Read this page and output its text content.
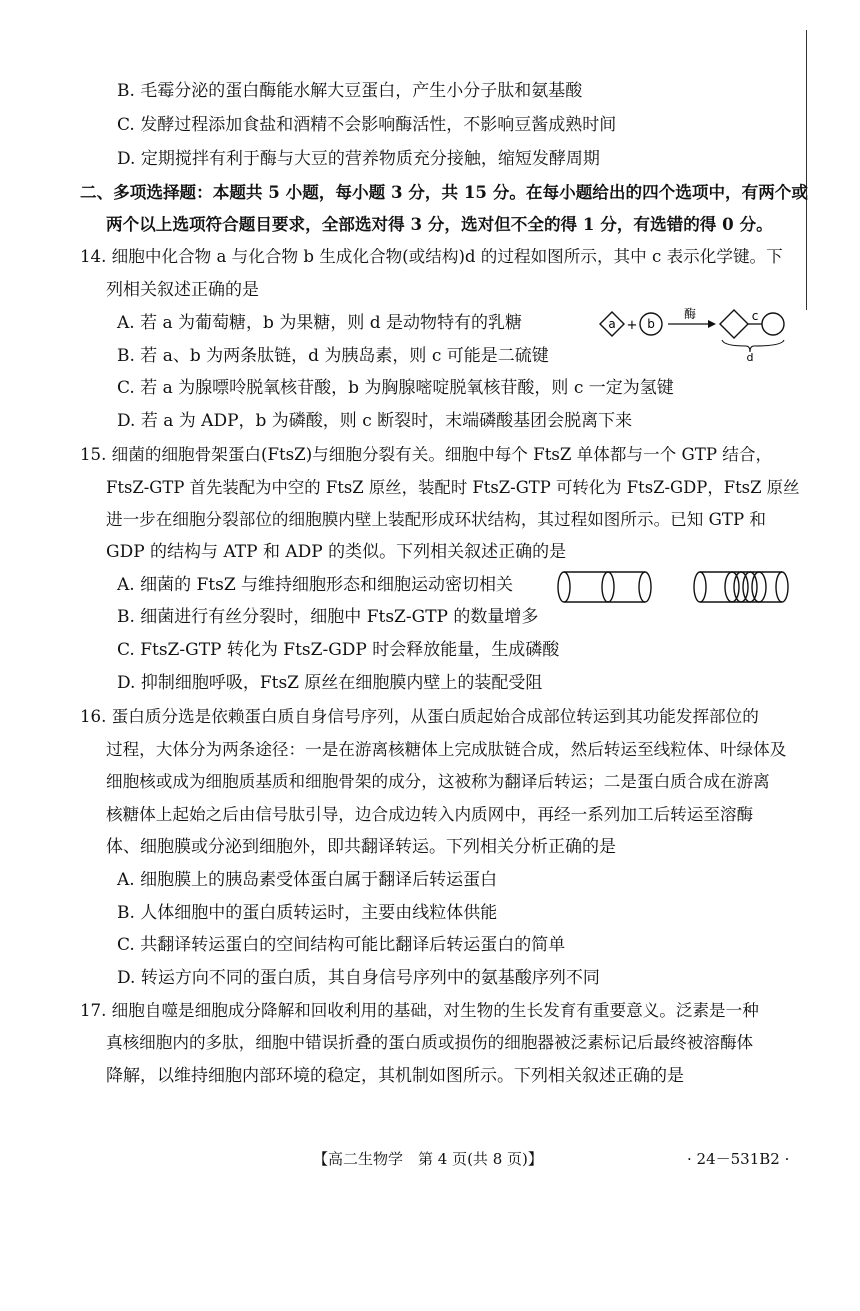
B. 毛霉分泌的蛋白酶能水解大豆蛋白，产生小分子肽和氨基酸
C. 发酵过程添加食盐和酒精不会影响酶活性，不影响豆酱成熟时间
D. 定期搅拌有利于酶与大豆的营养物质充分接触，缩短发酵周期
二、多项选择题：本题共 5 小题，每小题 3 分，共 15 分。在每小题给出的四个选项中，有两个或
两个以上选项符合题目要求，全部选对得 3 分，选对但不全的得 1 分，有选错的得 0 分。
14. 细胞中化合物 a 与化合物 b 生成化合物(或结构)d 的过程如图所示，其中 c 表示化学键。下
列相关叙述正确的是
A. 若 a 为葡萄糖，b 为果糖，则 d 是动物特有的乳糖
B. 若 a、b 为两条肽链，d 为胰岛素，则 c 可能是二硫键
C. 若 a 为腺嘌呤脱氧核苷酸，b 为胸腺嘧啶脱氧核苷酸，则 c 一定为氢键
D. 若 a 为 ADP，b 为磷酸，则 c 断裂时，末端磷酸基团会脱离下来
a + b
酶	c
d
15. 细菌的细胞骨架蛋白(FtsZ)与细胞分裂有关。细胞中每个 FtsZ 单体都与一个 GTP 结合，
FtsZ-GTP 首先装配为中空的 FtsZ 原丝，装配时 FtsZ-GTP 可转化为 FtsZ-GDP，FtsZ 原丝
进一步在细胞分裂部位的细胞膜内壁上装配形成环状结构，其过程如图所示。已知 GTP 和
GDP 的结构与 ATP 和 ADP 的类似。下列相关叙述正确的是
A. 细菌的 FtsZ 与维持细胞形态和细胞运动密切相关
B. 细菌进行有丝分裂时，细胞中 FtsZ-GTP 的数量增多
C. FtsZ-GTP 转化为 FtsZ-GDP 时会释放能量，生成磷酸
D. 抑制细胞呼吸，FtsZ 原丝在细胞膜内壁上的装配受阻
16. 蛋白质分选是依赖蛋白质自身信号序列，从蛋白质起始合成部位转运到其功能发挥部位的
过程，大体分为两条途径：一是在游离核糖体上完成肽链合成，然后转运至线粒体、叶绿体及
细胞核或成为细胞质基质和细胞骨架的成分，这被称为翻译后转运；二是蛋白质合成在游离
核糖体上起始之后由信号肽引导，边合成边转入内质网中，再经一系列加工后转运至溶酶
体、细胞膜或分泌到细胞外，即共翻译转运。下列相关分析正确的是
A. 细胞膜上的胰岛素受体蛋白属于翻译后转运蛋白
B. 人体细胞中的蛋白质转运时，主要由线粒体供能
C. 共翻译转运蛋白的空间结构可能比翻译后转运蛋白的简单
D. 转运方向不同的蛋白质，其自身信号序列中的氨基酸序列不同
17. 细胞自噬是细胞成分降解和回收利用的基础，对生物的生长发育有重要意义。泛素是一种
真核细胞内的多肽，细胞中错误折叠的蛋白质或损伤的细胞器被泛素标记后最终被溶酶体
降解，以维持细胞内部环境的稳定，其机制如图所示。下列相关叙述正确的是
【高二生物学　第 4 页(共 8 页)】	· 24－531B2 ·
